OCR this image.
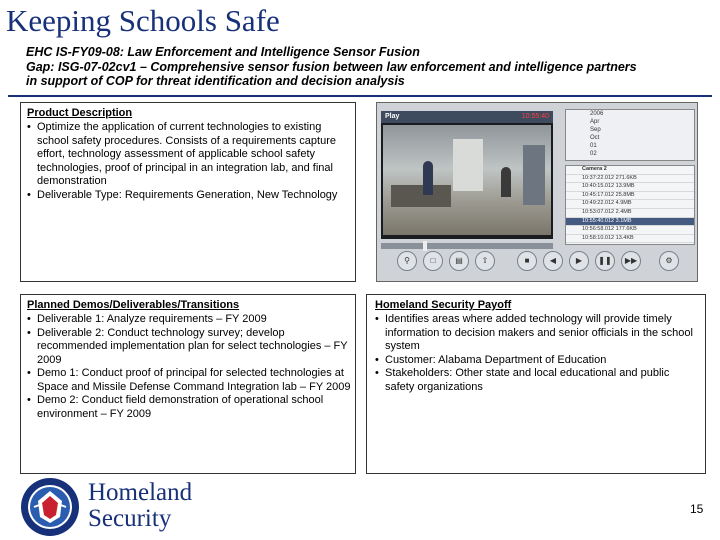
Keeping Schools Safe
EHC IS-FY09-08: Law Enforcement and Intelligence Sensor Fusion
Gap: ISG-07-02cv1 – Comprehensive sensor fusion between law enforcement and intelligence partners
in support of COP for threat identification and decision analysis
Product Description
• Optimize the application of current technologies to existing school safety procedures. Consists of a requirements capture effort, technology assessment of applicable school safety technologies, proof of principal in an integration lab, and final demonstration
• Deliverable Type: Requirements Generation, New Technology
Play	10:55:40
⚲	□	▤	⇧	■	◀	▶	❚❚	▶▶	⚙
2006
Apr
Sep
Oct
01
02
Camera 2
10:37:22.012 271.6KB
10:40:15.012 13.9MB
10:45:17.012 25.8MB
10:49:22.012 4.9MB
10:53:07.012 2.4MB
10:55:40.012 3.1MB
10:56:58.012 177.6KB
10:58:10.012 13.4KB
Planned Demos/Deliverables/Transitions
• Deliverable 1: Analyze requirements – FY 2009
• Deliverable 2: Conduct technology survey; develop recommended implementation plan for select technologies – FY 2009
• Demo 1: Conduct proof of principal for selected technologies at Space and Missile Defense Command Integration lab – FY 2009
• Demo 2: Conduct field demonstration of operational school environment – FY 2009
Homeland Security Payoff
• Identifies areas where added technology will provide timely information to decision makers and senior officials in the school system
• Customer: Alabama Department of Education
• Stakeholders: Other state and local educational and public safety organizations
Homeland
Security	15
